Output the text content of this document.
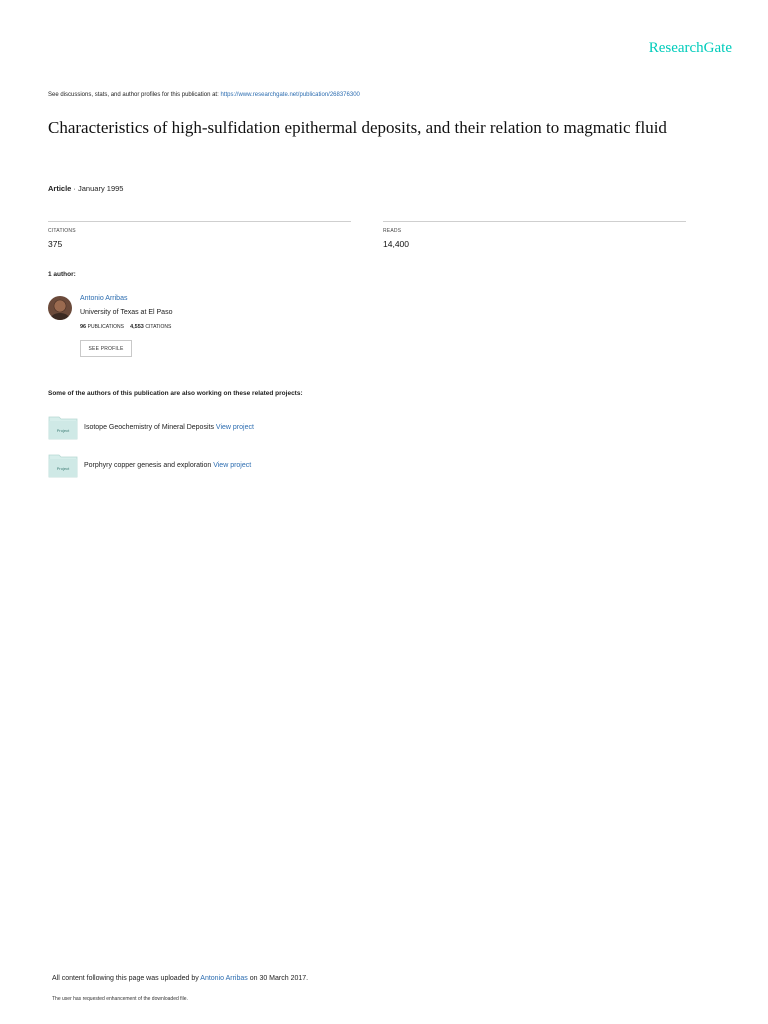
ResearchGate
See discussions, stats, and author profiles for this publication at: https://www.researchgate.net/publication/268376300
Characteristics of high-sulfidation epithermal deposits, and their relation to magmatic fluid
Article · January 1995
CITATIONS
375
READS
14,400
1 author:
Antonio Arribas
University of Texas at El Paso
96 PUBLICATIONS 4,553 CITATIONS
SEE PROFILE
Some of the authors of this publication are also working on these related projects:
Project	Isotope Geochemistry of Mineral Deposits View project
Project	Porphyry copper genesis and exploration View project
All content following this page was uploaded by Antonio Arribas on 30 March 2017.
The user has requested enhancement of the downloaded file.
